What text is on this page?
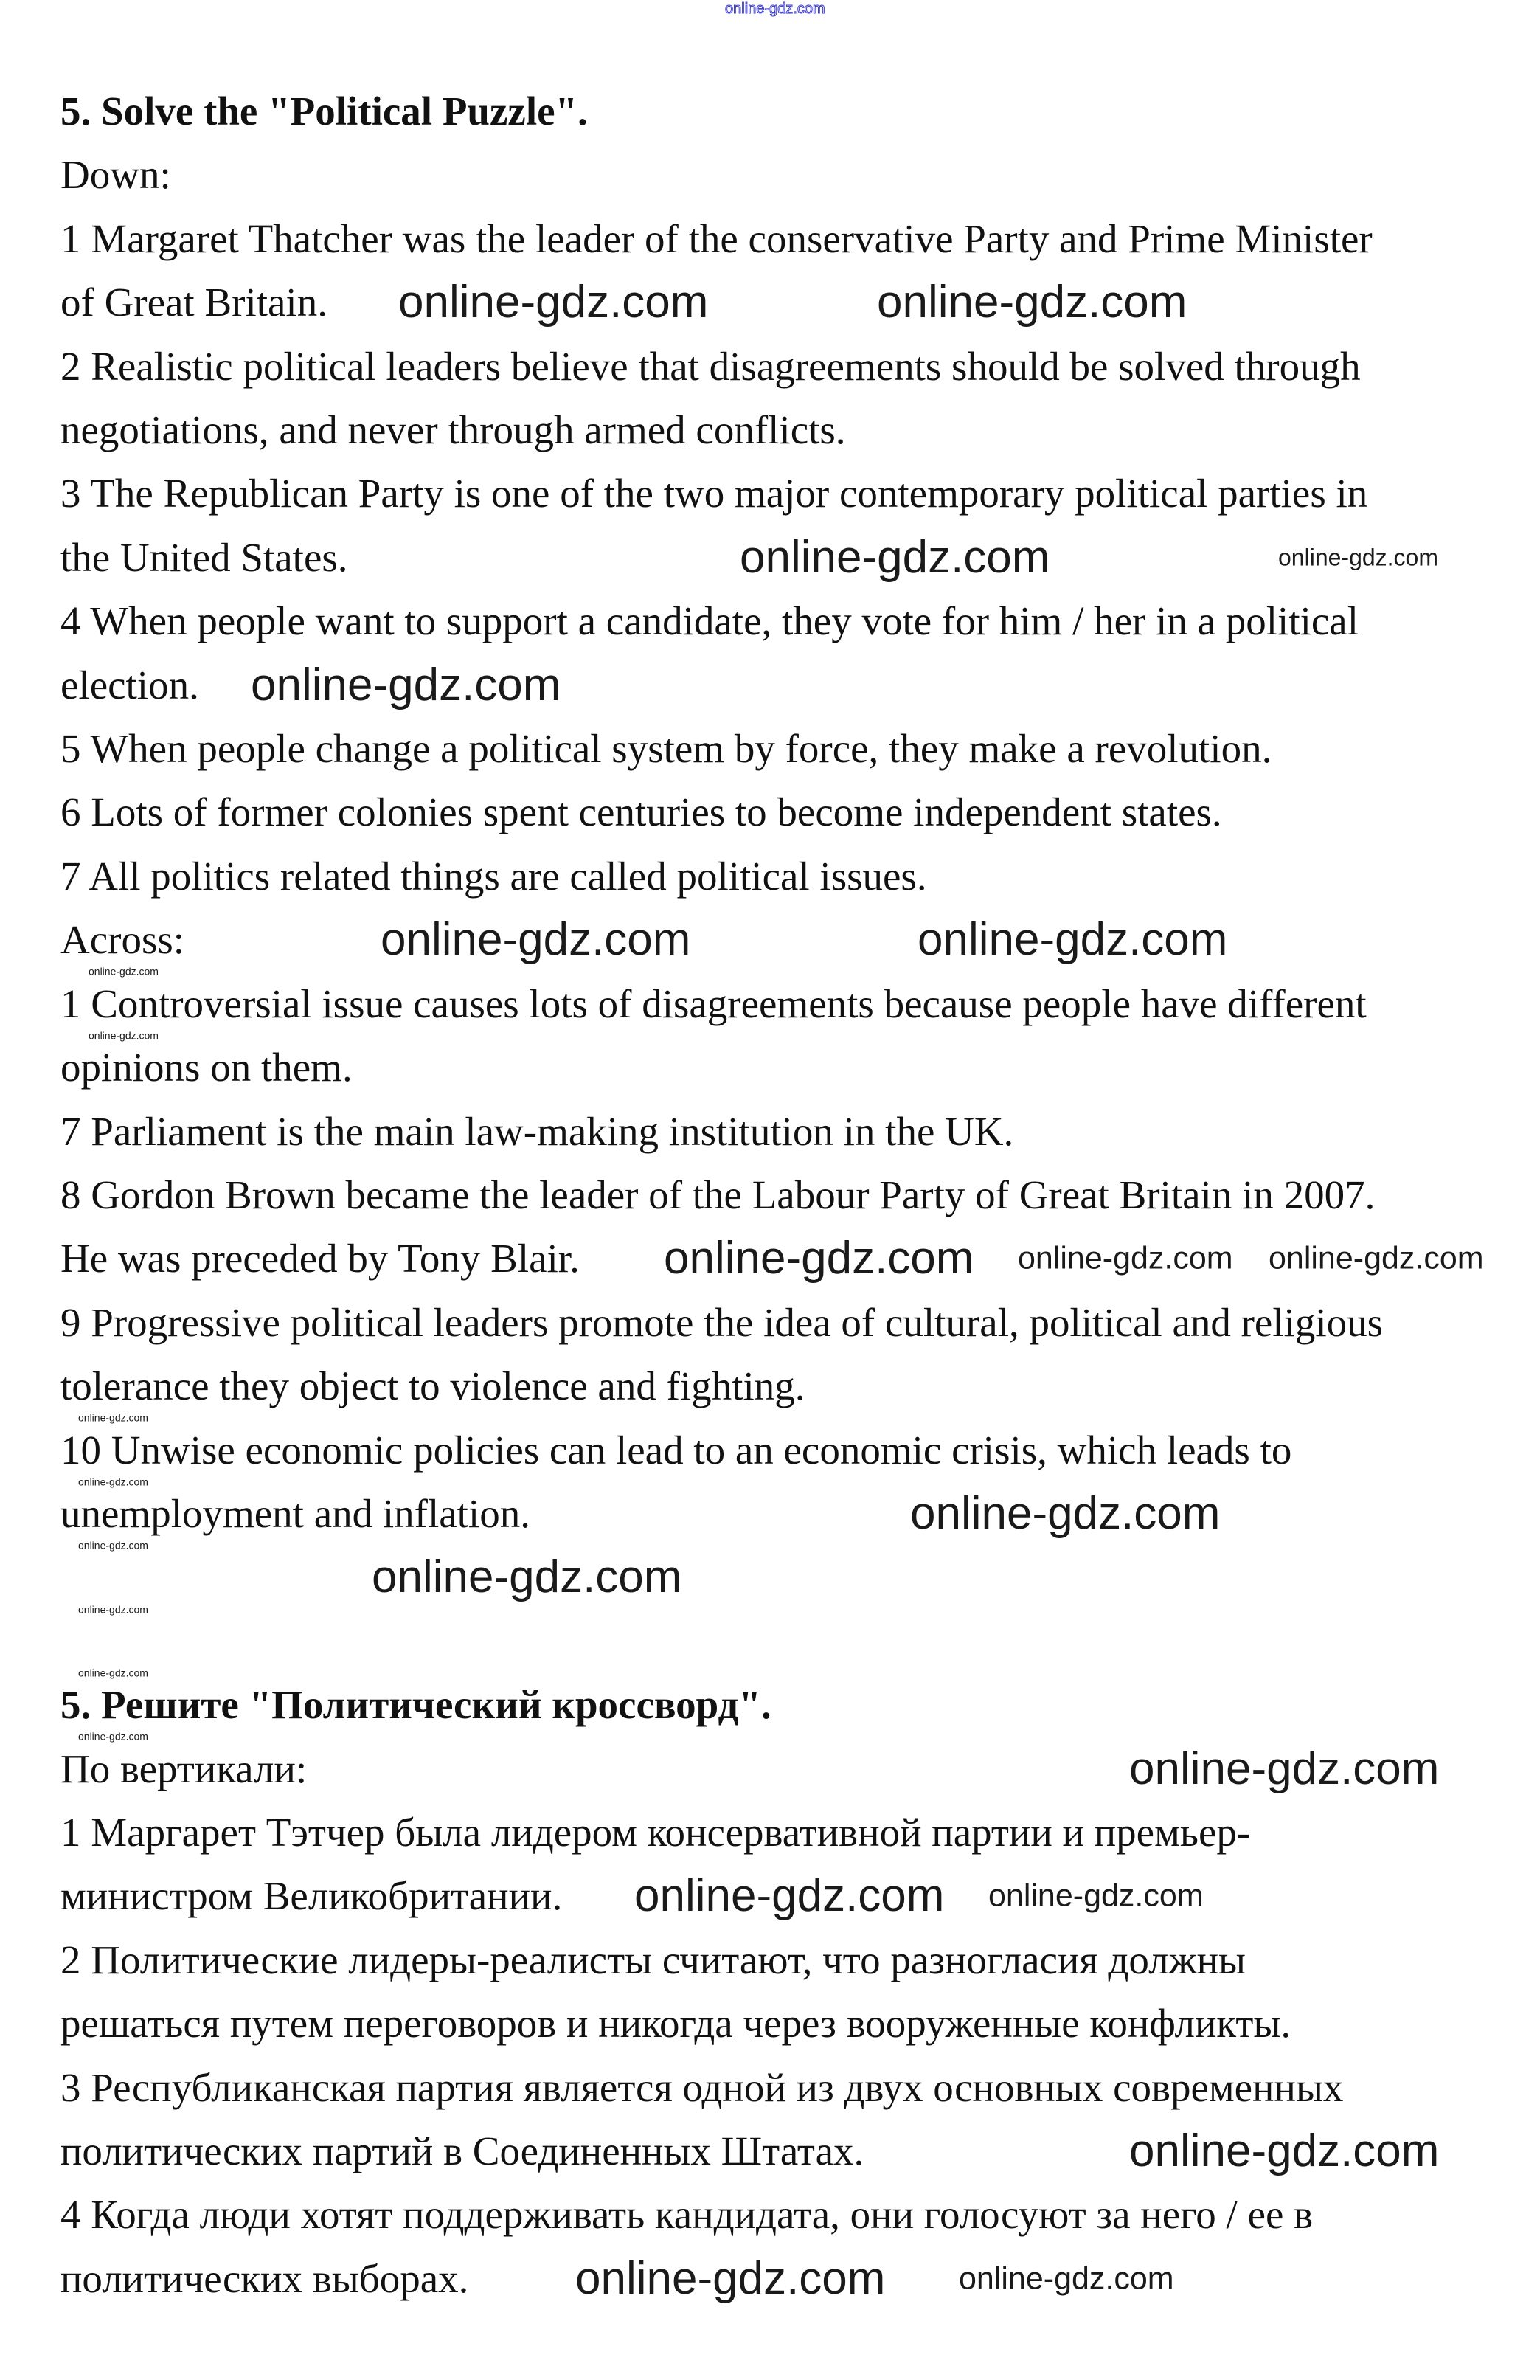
online-gdz.com
5. Solve the "Political Puzzle".

Down:

1 Margaret Thatcher was the leader of the conservative Party and Prime Minister

of Great Britain.

2 Realistic political leaders believe that disagreements should be solved through

negotiations, and never through armed conflicts.

3 The Republican Party is one of the two major contemporary political parties in

the United States.

4 When people want to support a candidate, they vote for him / her in a political

election.

5 When people change a political system by force, they make a revolution.

6 Lots of former colonies spent centuries to become independent states.

7 All politics related things are called political issues.

Across:

1 Controversial issue causes lots of disagreements because people have different

opinions on them.

7 Parliament is the main law-making institution in the UK.

8 Gordon Brown became the leader of the Labour Party of Great Britain in 2007.

He was preceded by Tony Blair.

9 Progressive political leaders promote the idea of cultural, political and religious

tolerance they object to violence and fighting.

10 Unwise economic policies can lead to an economic crisis, which leads to

unemployment and inflation.

5. Решите "Политический кроссворд".

По вертикали:

1 Маргарет Тэтчер была лидером консервативной партии и премьер-

министром Великобритании.

2 Политические лидеры-реалисты считают, что разногласия должны

решаться путем переговоров и никогда через вооруженные конфликты.

3 Республиканская партия является одной из двух основных современных

политических партий в Соединенных Штатах.

4 Когда люди хотят поддерживать кандидата, они голосуют за него / ее в

политических выборах.

online-gdz.com	online-gdz.com
online-gdz.com
online-gdz.com
online-gdz.com
online-gdz.com
online-gdz.com
online-gdz.com
online-gdz.com
online-gdz.com
online-gdz.com
online-gdz.com
online-gdz.com
online-gdz.com
online-gdz.com online-gdz.com
online-gdz.com
online-gdz.com
online-gdz.com
online-gdz.com
online-gdz.com
online-gdz.com
online-gdz.com
online-gdz.com
online-gdz.com
online-gdz.com
